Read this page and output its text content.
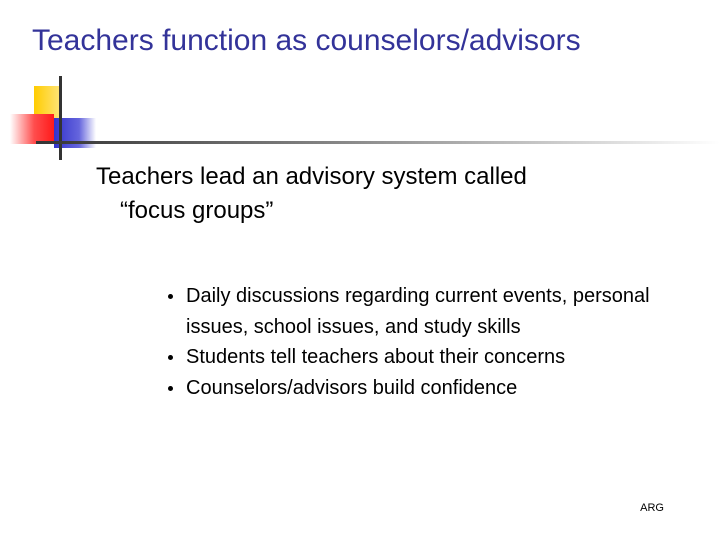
Teachers function as counselors/advisors
Teachers lead an advisory system called
“focus groups”
Daily discussions regarding current events, personal issues, school issues, and study skills
Students tell teachers about their concerns
Counselors/advisors build confidence
ARG
